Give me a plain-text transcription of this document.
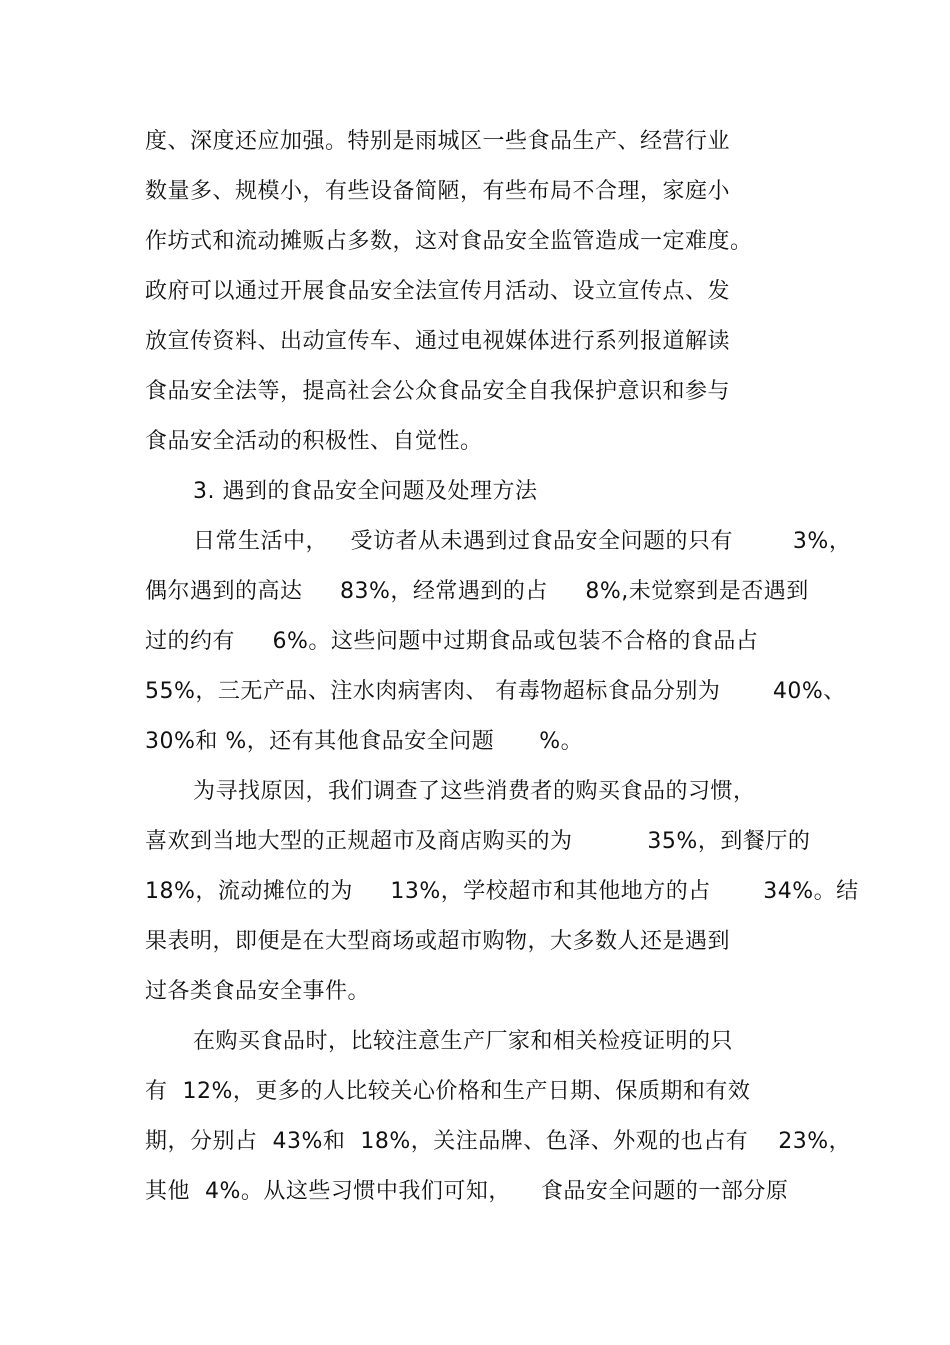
度、深度还应加强。特别是雨城区一些食品生产、经营行业
数量多、规模小，有些设备简陋，有些布局不合理，家庭小
作坊式和流动摊贩占多数，这对食品安全监管造成一定难度。
政府可以通过开展食品安全法宣传月活动、设立宣传点、发
放宣传资料、出动宣传车、通过电视媒体进行系列报道解读
食品安全法等，提高社会公众食品安全自我保护意识和参与
食品安全活动的积极性、自觉性。
3. 遇到的食品安全问题及处理方法
日常生活中，   受访者从未遇到过食品安全问题的只有        3%，
偶尔遇到的高达     83%，经常遇到的占     8%,未觉察到是否遇到
过的约有     6%。这些问题中过期食品或包装不合格的食品占
55%，三无产品、注水肉病害肉、 有毒物超标食品分别为       40%、
30%和 %，还有其他食品安全问题      %。
为寻找原因，我们调查了这些消费者的购买食品的习惯，
喜欢到当地大型的正规超市及商店购买的为          35%，到餐厅的
18%，流动摊位的为     13%，学校超市和其他地方的占       34%。结
果表明，即便是在大型商场或超市购物，大多数人还是遇到
过各类食品安全事件。
在购买食品时，比较注意生产厂家和相关检疫证明的只
有  12%，更多的人比较关心价格和生产日期、保质期和有效
期，分别占  43%和  18%，关注品牌、色泽、外观的也占有    23%，
其他  4%。从这些习惯中我们可知，    食品安全问题的一部分原
